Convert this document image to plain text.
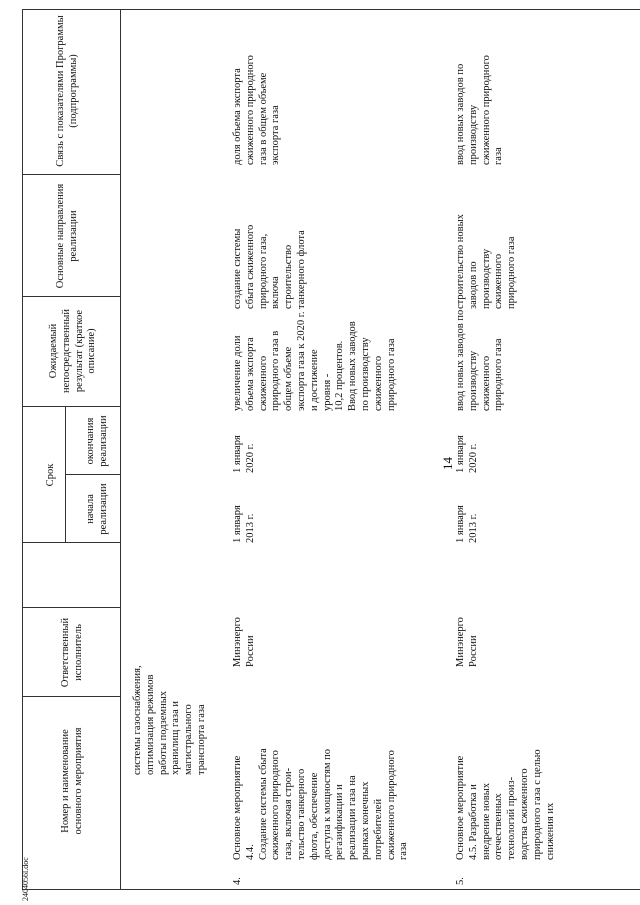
14
2404056l.doc
Номер и наименование основного мероприятия
Ответственный исполнитель
Срок
начала реализации
окончания реализации
Ожидаемый непосредственный результат (краткое описание)
Основные направления реализации
Связь с показателями Программы (подпрограммы)
системы газоснабжения,
оптимизация режимов
работы подземных
хранилищ газа и
магистрального
транспорта газа
4.
Основное мероприятие
4.4.
Создание системы сбыта
сжиженного природного
газа, включая строи-
тельство танкерного
флота, обеспечение
доступа к мощностям по
регазификации и
реализации газа на
рынках конечных
потребителей
сжиженного природного
газа
Минэнерго
России
1 января
2013 г.
1 января
2020 г.
увеличение доли
объема экспорта
сжиженного
природного газа в
общем объеме
экспорта газа к 2020 г.
и достижение
уровня -
10,2 процентов.
Ввод новых заводов
по производству
сжиженного
природного газа
создание системы
сбыта сжиженного
природного газа,
включа
строительство
танкерного флота
доля объема экспорта
сжиженного природного
газа в общем объеме
экспорта газа
5.
Основное мероприятие
4.5. Разработка и
внедрение новых
отечественных
технологий произ-
водства сжиженного
природного газа с целью
снижения их
Минэнерго
России
1 января
2013 г.
1 января
2020 г.
ввод новых заводов по
производству
сжиженного
природного газа
строительство новых
заводов по
производству
сжиженного
природного газа
ввод новых заводов по
производству
сжиженного природного
газа
